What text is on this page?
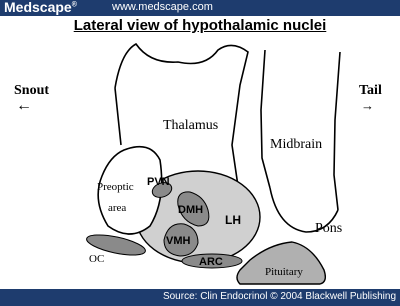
Medscape®	www.medscape.com
Lateral view of hypothalamic nuclei
Snout
←
Tail
→
Thalamus
Midbrain
Pons
Pituitary
OC
Preoptic
area
LH
PVN
DMH
VMH
ARC
Source: Clin Endocrinol © 2004 Blackwell Publishing
